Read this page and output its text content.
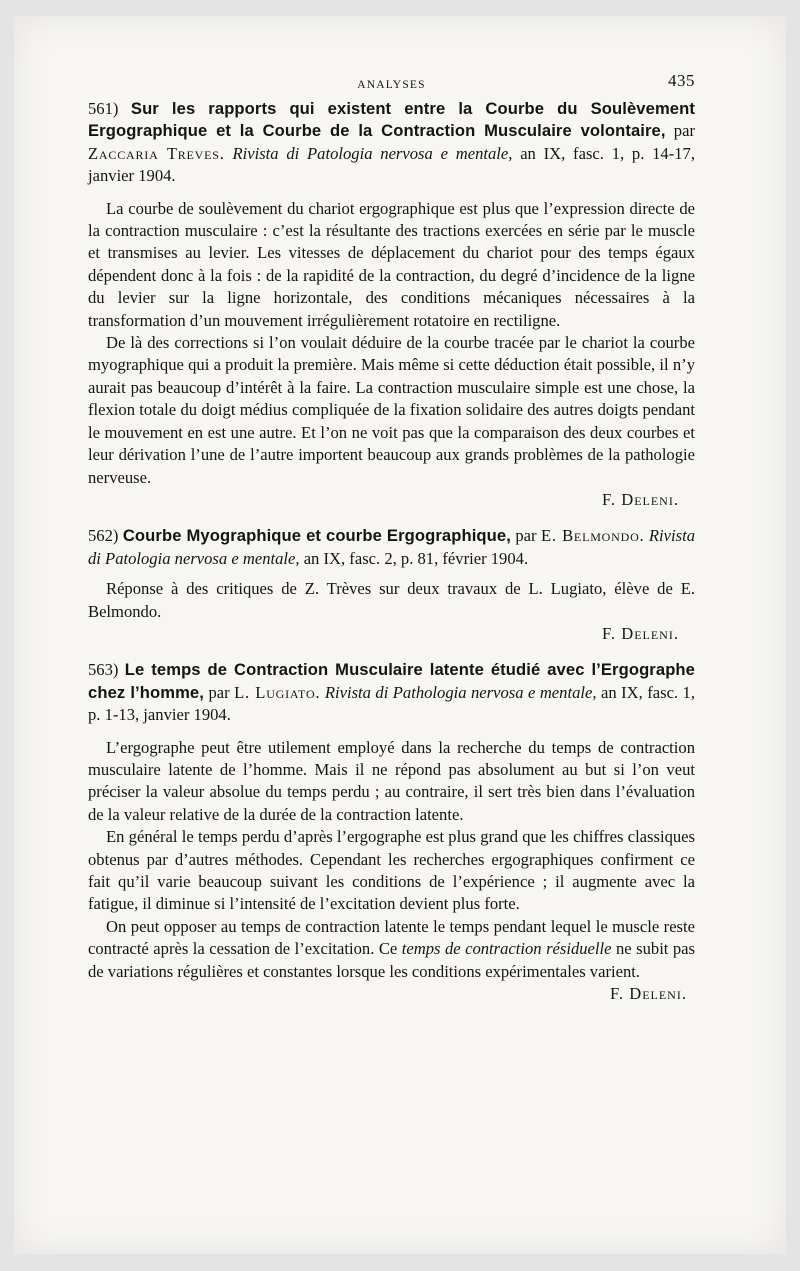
ANALYSES	435

561) Sur les rapports qui existent entre la Courbe du Soulèvement Ergographique et la Courbe de la Contraction Musculaire volontaire, par Zaccaria Treves. Rivista di Patologia nervosa e mentale, an IX, fasc. 1, p. 14-17, janvier 1904.

La courbe de soulèvement du chariot ergographique est plus que l’expression directe de la contraction musculaire : c’est la résultante des tractions exercées en série par le muscle et transmises au levier. Les vitesses de déplacement du chariot pour des temps égaux dépendent donc à la fois : de la rapidité de la contraction, du degré d’incidence de la ligne du levier sur la ligne horizontale, des conditions mécaniques nécessaires à la transformation d’un mouvement irrégulièrement rotatoire en rectiligne.

De là des corrections si l’on voulait déduire de la courbe tracée par le chariot la courbe myographique qui a produit la première. Mais même si cette déduction était possible, il n’y aurait pas beaucoup d’intérêt à la faire. La contraction musculaire simple est une chose, la flexion totale du doigt médius compliquée de la fixation solidaire des autres doigts pendant le mouvement en est une autre. Et l’on ne voit pas que la comparaison des deux courbes et leur dérivation l’une de l’autre importent beaucoup aux grands problèmes de la pathologie nerveuse.

F. Deleni.

562) Courbe Myographique et courbe Ergographique, par E. Belmondo. Rivista di Patologia nervosa e mentale, an IX, fasc. 2, p. 81, février 1904.

Réponse à des critiques de Z. Trèves sur deux travaux de L. Lugiato, élève de E. Belmondo.

F. Deleni.

563) Le temps de Contraction Musculaire latente étudié avec l’Ergographe chez l’homme, par L. Lugiato. Rivista di Pathologia nervosa e mentale, an IX, fasc. 1, p. 1-13, janvier 1904.

L’ergographe peut être utilement employé dans la recherche du temps de contraction musculaire latente de l’homme. Mais il ne répond pas absolument au but si l’on veut préciser la valeur absolue du temps perdu ; au contraire, il sert très bien dans l’évaluation de la valeur relative de la durée de la contraction latente.

En général le temps perdu d’après l’ergographe est plus grand que les chiffres classiques obtenus par d’autres méthodes. Cependant les recherches ergographiques confirment ce fait qu’il varie beaucoup suivant les conditions de l’expérience ; il augmente avec la fatigue, il diminue si l’intensité de l’excitation devient plus forte.

On peut opposer au temps de contraction latente le temps pendant lequel le muscle reste contracté après la cessation de l’excitation. Ce temps de contraction résiduelle ne subit pas de variations régulières et constantes lorsque les conditions expérimentales varient.

F. Deleni.
